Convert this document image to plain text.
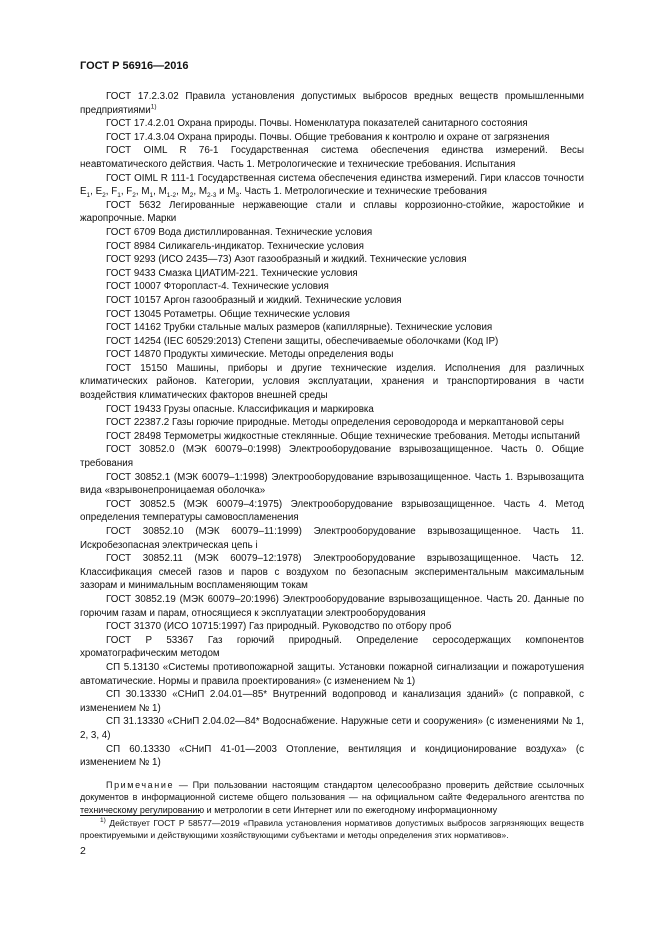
ГОСТ Р 56916—2016

ГОСТ 17.2.3.02 Правила установления допустимых выбросов вредных веществ промышленными предприятиями$^{1)}$

ГОСТ 17.4.2.01 Охрана природы. Почвы. Номенклатура показателей санитарного состояния

ГОСТ 17.4.3.04 Охрана природы. Почвы. Общие требования к контролю и охране от загрязнения

ГОСТ OIML R 76-1 Государственная система обеспечения единства измерений. Весы неавтоматического действия. Часть 1. Метрологические и технические требования. Испытания

ГОСТ OIML R 111-1 Государственная система обеспечения единства измерений. Гири классов точности $Е_1$, $Е_2$, $F_1$, $F_2$, $М_1$, $М_{1-2}$, $М_2$, $М_{2-3}$ и $М_3$. Часть 1. Метрологические и технические требования

ГОСТ 5632 Легированные нержавеющие стали и сплавы коррозионно-стойкие, жаростойкие и жаропрочные. Марки

ГОСТ 6709 Вода дистиллированная. Технические условия

ГОСТ 8984 Силикагель-индикатор. Технические условия

ГОСТ 9293 (ИСО 2435—73) Азот газообразный и жидкий. Технические условия

ГОСТ 9433 Смазка ЦИАТИМ-221. Технические условия

ГОСТ 10007 Фторопласт-4. Технические условия

ГОСТ 10157 Аргон газообразный и жидкий. Технические условия

ГОСТ 13045 Ротаметры. Общие технические условия

ГОСТ 14162 Трубки стальные малых размеров (капиллярные). Технические условия

ГОСТ 14254 (IEC 60529:2013) Степени защиты, обеспечиваемые оболочками (Код IP)

ГОСТ 14870 Продукты химические. Методы определения воды

ГОСТ 15150 Машины, приборы и другие технические изделия. Исполнения для различных климатических районов. Категории, условия эксплуатации, хранения и транспортирования в части воздействия климатических факторов внешней среды

ГОСТ 19433 Грузы опасные. Классификация и маркировка

ГОСТ 22387.2 Газы горючие природные. Методы определения сероводорода и меркаптановой серы

ГОСТ 28498 Термометры жидкостные стеклянные. Общие технические требования. Методы испытаний

ГОСТ 30852.0 (МЭК 60079–0:1998) Электрооборудование взрывозащищенное. Часть 0. Общие требования

ГОСТ 30852.1 (МЭК 60079–1:1998) Электрооборудование взрывозащищенное. Часть 1. Взрывозащита вида «взрывонепроницаемая оболочка»

ГОСТ 30852.5 (МЭК 60079–4:1975) Электрооборудование взрывозащищенное. Часть 4. Метод определения температуры самовоспламенения

ГОСТ 30852.10 (МЭК 60079–11:1999) Электрооборудование взрывозащищенное. Часть 11. Искробезопасная электрическая цепь i

ГОСТ 30852.11 (МЭК 60079–12:1978) Электрооборудование взрывозащищенное. Часть 12. Классификация смесей газов и паров с воздухом по безопасным экспериментальным максимальным зазорам и минимальным воспламеняющим токам

ГОСТ 30852.19 (МЭК 60079–20:1996) Электрооборудование взрывозащищенное. Часть 20. Данные по горючим газам и парам, относящиеся к эксплуатации электрооборудования

ГОСТ 31370 (ИСО 10715:1997) Газ природный. Руководство по отбору проб

ГОСТ Р 53367 Газ горючий природный. Определение серосодержащих компонентов хроматографическим методом

СП 5.13130 «Системы противопожарной защиты. Установки пожарной сигнализации и пожаротушения автоматические. Нормы и правила проектирования» (с изменением № 1)

СП 30.13330 «СНиП 2.04.01—85* Внутренний водопровод и канализация зданий» (с поправкой, с изменением № 1)

СП 31.13330 «СНиП 2.04.02—84* Водоснабжение. Наружные сети и сооружения» (с изменениями № 1, 2, 3, 4)

СП 60.13330 «СНиП 41-01—2003 Отопление, вентиляция и кондиционирование воздуха» (с изменением № 1)

Примечание — При пользовании настоящим стандартом целесообразно проверить действие ссылочных документов в информационной системе общего пользования — на официальном сайте Федерального агентства по техническому регулированию и метрологии в сети Интернет или по ежегодному информационному

$^{1)}$ Действует ГОСТ Р 58577—2019 «Правила установления нормативов допустимых выбросов загрязняющих веществ проектируемыми и действующими хозяйствующими субъектами и методы определения этих нормативов».
2
